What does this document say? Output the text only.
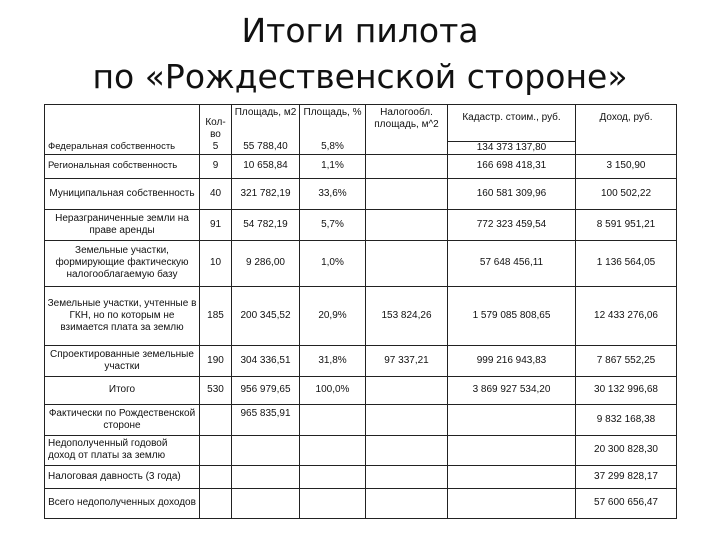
Итоги пилота
по «Рождественской стороне»
	Кол-во	Площадь, м2	Площадь, %	Налогообл. площадь, м^2	Кадастр. стоим., руб.	Доход, руб.
Федеральная собственность	5	55 788,40	5,8%		134 373 137,80	
Региональная собственность	9	10 658,84	1,1%		166 698 418,31	3 150,90
Муниципальная собственность	40	321 782,19	33,6%		160 581 309,96	100 502,22
Неразграниченные земли на праве аренды	91	54 782,19	5,7%		772 323 459,54	8 591 951,21
Земельные участки, формирующие фактическую налогооблагаемую базу	10	9 286,00	1,0%		57 648 456,11	1 136 564,05
Земельные участки, учтенные в ГКН, но по которым не взимается плата за землю	185	200 345,52	20,9%	153 824,26	1 579 085 808,65	12 433 276,06
Спроектированные земельные участки	190	304 336,51	31,8%	97 337,21	999 216 943,83	7 867 552,25
Итого	530	956 979,65	100,0%		3 869 927 534,20	30 132 996,68
Фактически по Рождественской стороне		965 835,91				9 832 168,38
Недополученный годовой доход от платы за землю						20 300 828,30
Налоговая давность (3 года)						37 299 828,17
Всего недополученных доходов						57 600 656,47
